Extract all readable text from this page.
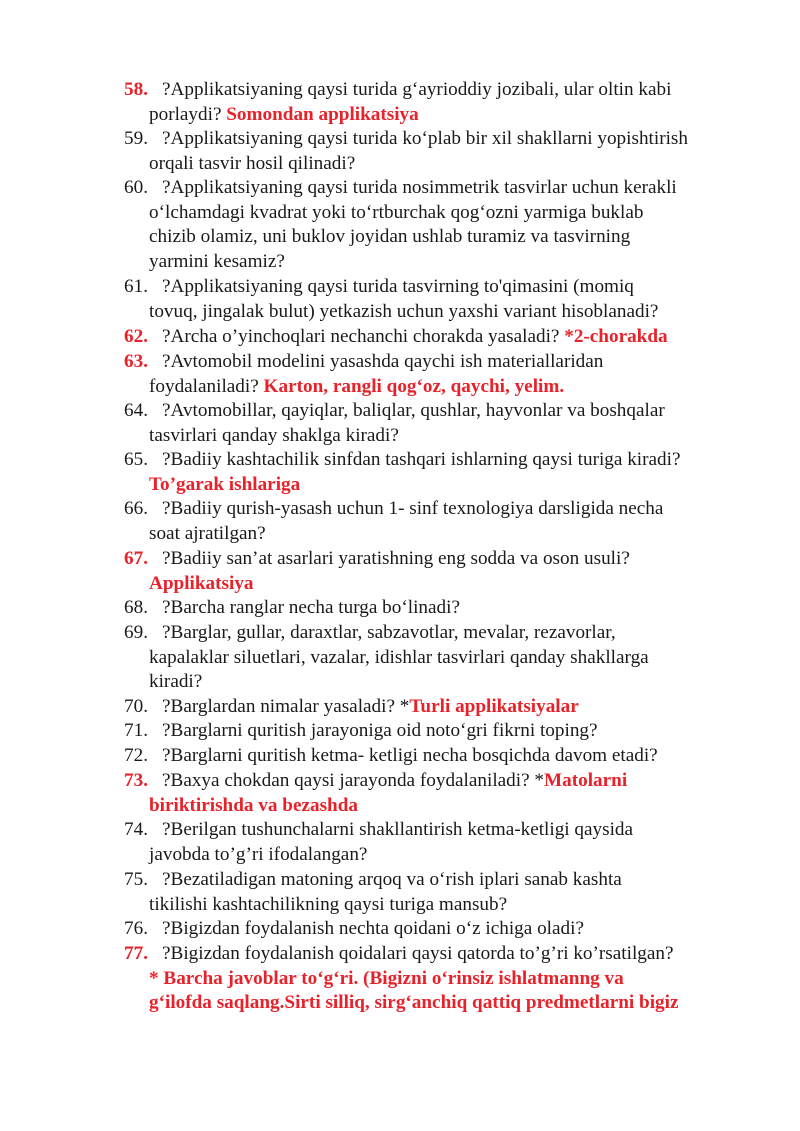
58. ?Applikatsiyaning qaysi turida g‘ayrioddiy jozibali, ular oltin kabi
porlaydi? Somondan applikatsiya
59. ?Applikatsiyaning qaysi turida ko‘plab bir xil shakllarni yopishtirish
orqali tasvir hosil qilinadi?
60. ?Applikatsiyaning qaysi turida nosimmetrik tasvirlar uchun kerakli
o‘lchamdagi kvadrat yoki to‘rtburchak qog‘ozni yarmiga buklab
chizib olamiz, uni buklov joyidan ushlab turamiz va tasvirning
yarmini kesamiz?
61. ?Applikatsiyaning qaysi turida tasvirning to'qimasini (momiq
tovuq, jingalak bulut) yetkazish uchun yaxshi variant hisoblanadi?
62. ?Archa o’yinchoqlari nechanchi chorakda yasaladi? *2-chorakda
63. ?Avtomobil modelini yasashda qaychi ish materiallaridan
foydalaniladi? Karton, rangli qog‘oz, qaychi, yelim.
64. ?Avtomobillar, qayiqlar, baliqlar, qushlar, hayvonlar va boshqalar
tasvirlari qanday shaklga kiradi?
65. ?Badiiy kashtachilik sinfdan tashqari ishlarning qaysi turiga kiradi?
To’garak ishlariga
66. ?Badiiy qurish-yasash uchun 1- sinf texnologiya darsligida necha
soat ajratilgan?
67. ?Badiiy san’at asarlari yaratishning eng sodda va oson usuli?
Applikatsiya
68. ?Barcha ranglar necha turga bo‘linadi?
69. ?Barglar, gullar, daraxtlar, sabzavotlar, mevalar, rezavorlar,
kapalaklar siluetlari, vazalar, idishlar tasvirlari qanday shakllarga
kiradi?
70. ?Barglardan nimalar yasaladi? *Turli applikatsiyalar
71. ?Barglarni quritish jarayoniga oid noto‘gri fikrni toping?
72. ?Barglarni quritish ketma- ketligi necha bosqichda davom etadi?
73. ?Baxya chokdan qaysi jarayonda foydalaniladi? *Matolarni
biriktirishda va bezashda
74. ?Berilgan tushunchalarni shakllantirish ketma-ketligi qaysida
javobda to’g’ri ifodalangan?
75. ?Bezatiladigan matoning arqoq va o‘rish iplari sanab kashta
tikilishi kashtachilikning qaysi turiga mansub?
76. ?Bigizdan foydalanish nechta qoidani o‘z ichiga oladi?
77. ?Bigizdan foydalanish qoidalari qaysi qatorda to’g’ri ko’rsatilgan?
* Barcha javoblar to‘g‘ri. (Bigizni o‘rinsiz ishlatmanng va
g‘ilofda saqlang.Sirti silliq, sirg‘anchiq qattiq predmetlarni bigiz
